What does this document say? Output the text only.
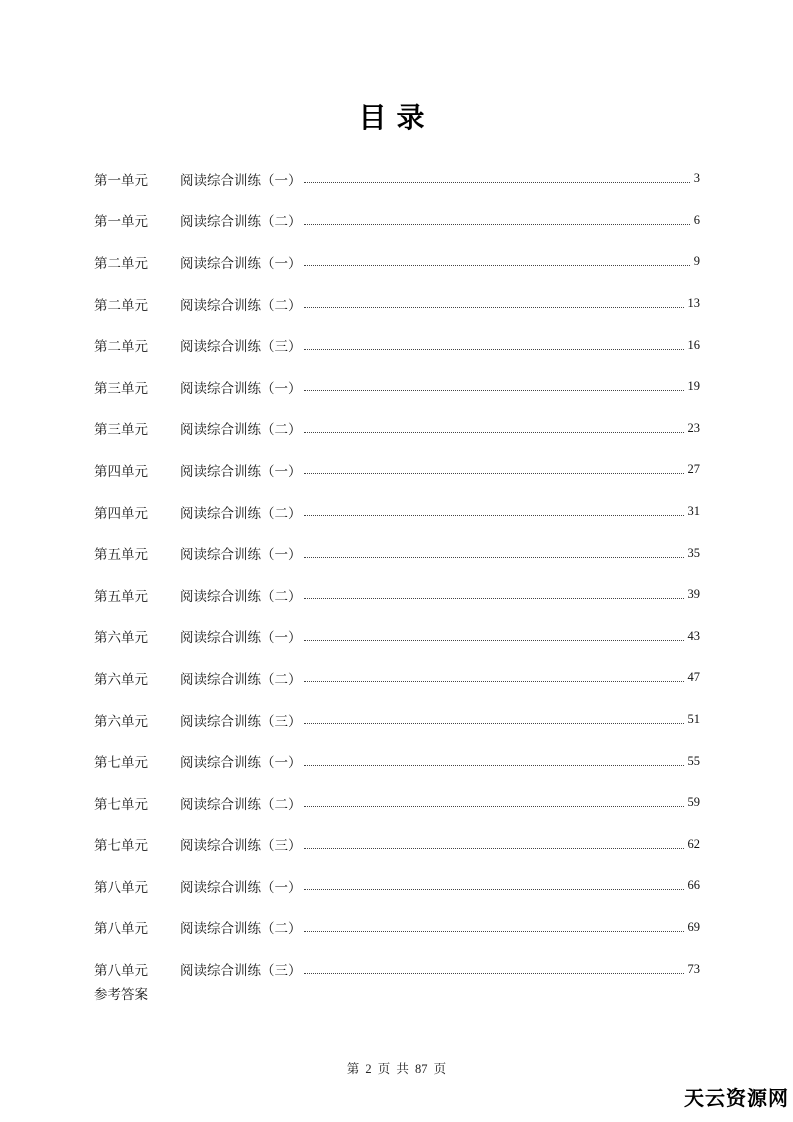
目录
第一单元	阅读综合训练（一）	3
第一单元	阅读综合训练（二）	6
第二单元	阅读综合训练（一）	9
第二单元	阅读综合训练（二）	13
第二单元	阅读综合训练（三）	16
第三单元	阅读综合训练（一）	19
第三单元	阅读综合训练（二）	23
第四单元	阅读综合训练（一）	27
第四单元	阅读综合训练（二）	31
第五单元	阅读综合训练（一）	35
第五单元	阅读综合训练（二）	39
第六单元	阅读综合训练（一）	43
第六单元	阅读综合训练（二）	47
第六单元	阅读综合训练（三）	51
第七单元	阅读综合训练（一）	55
第七单元	阅读综合训练（二）	59
第七单元	阅读综合训练（三）	62
第八单元	阅读综合训练（一）	66
第八单元	阅读综合训练（二）	69
第八单元	阅读综合训练（三）	73
参考答案
第 2 页 共 87 页
天云资源网
